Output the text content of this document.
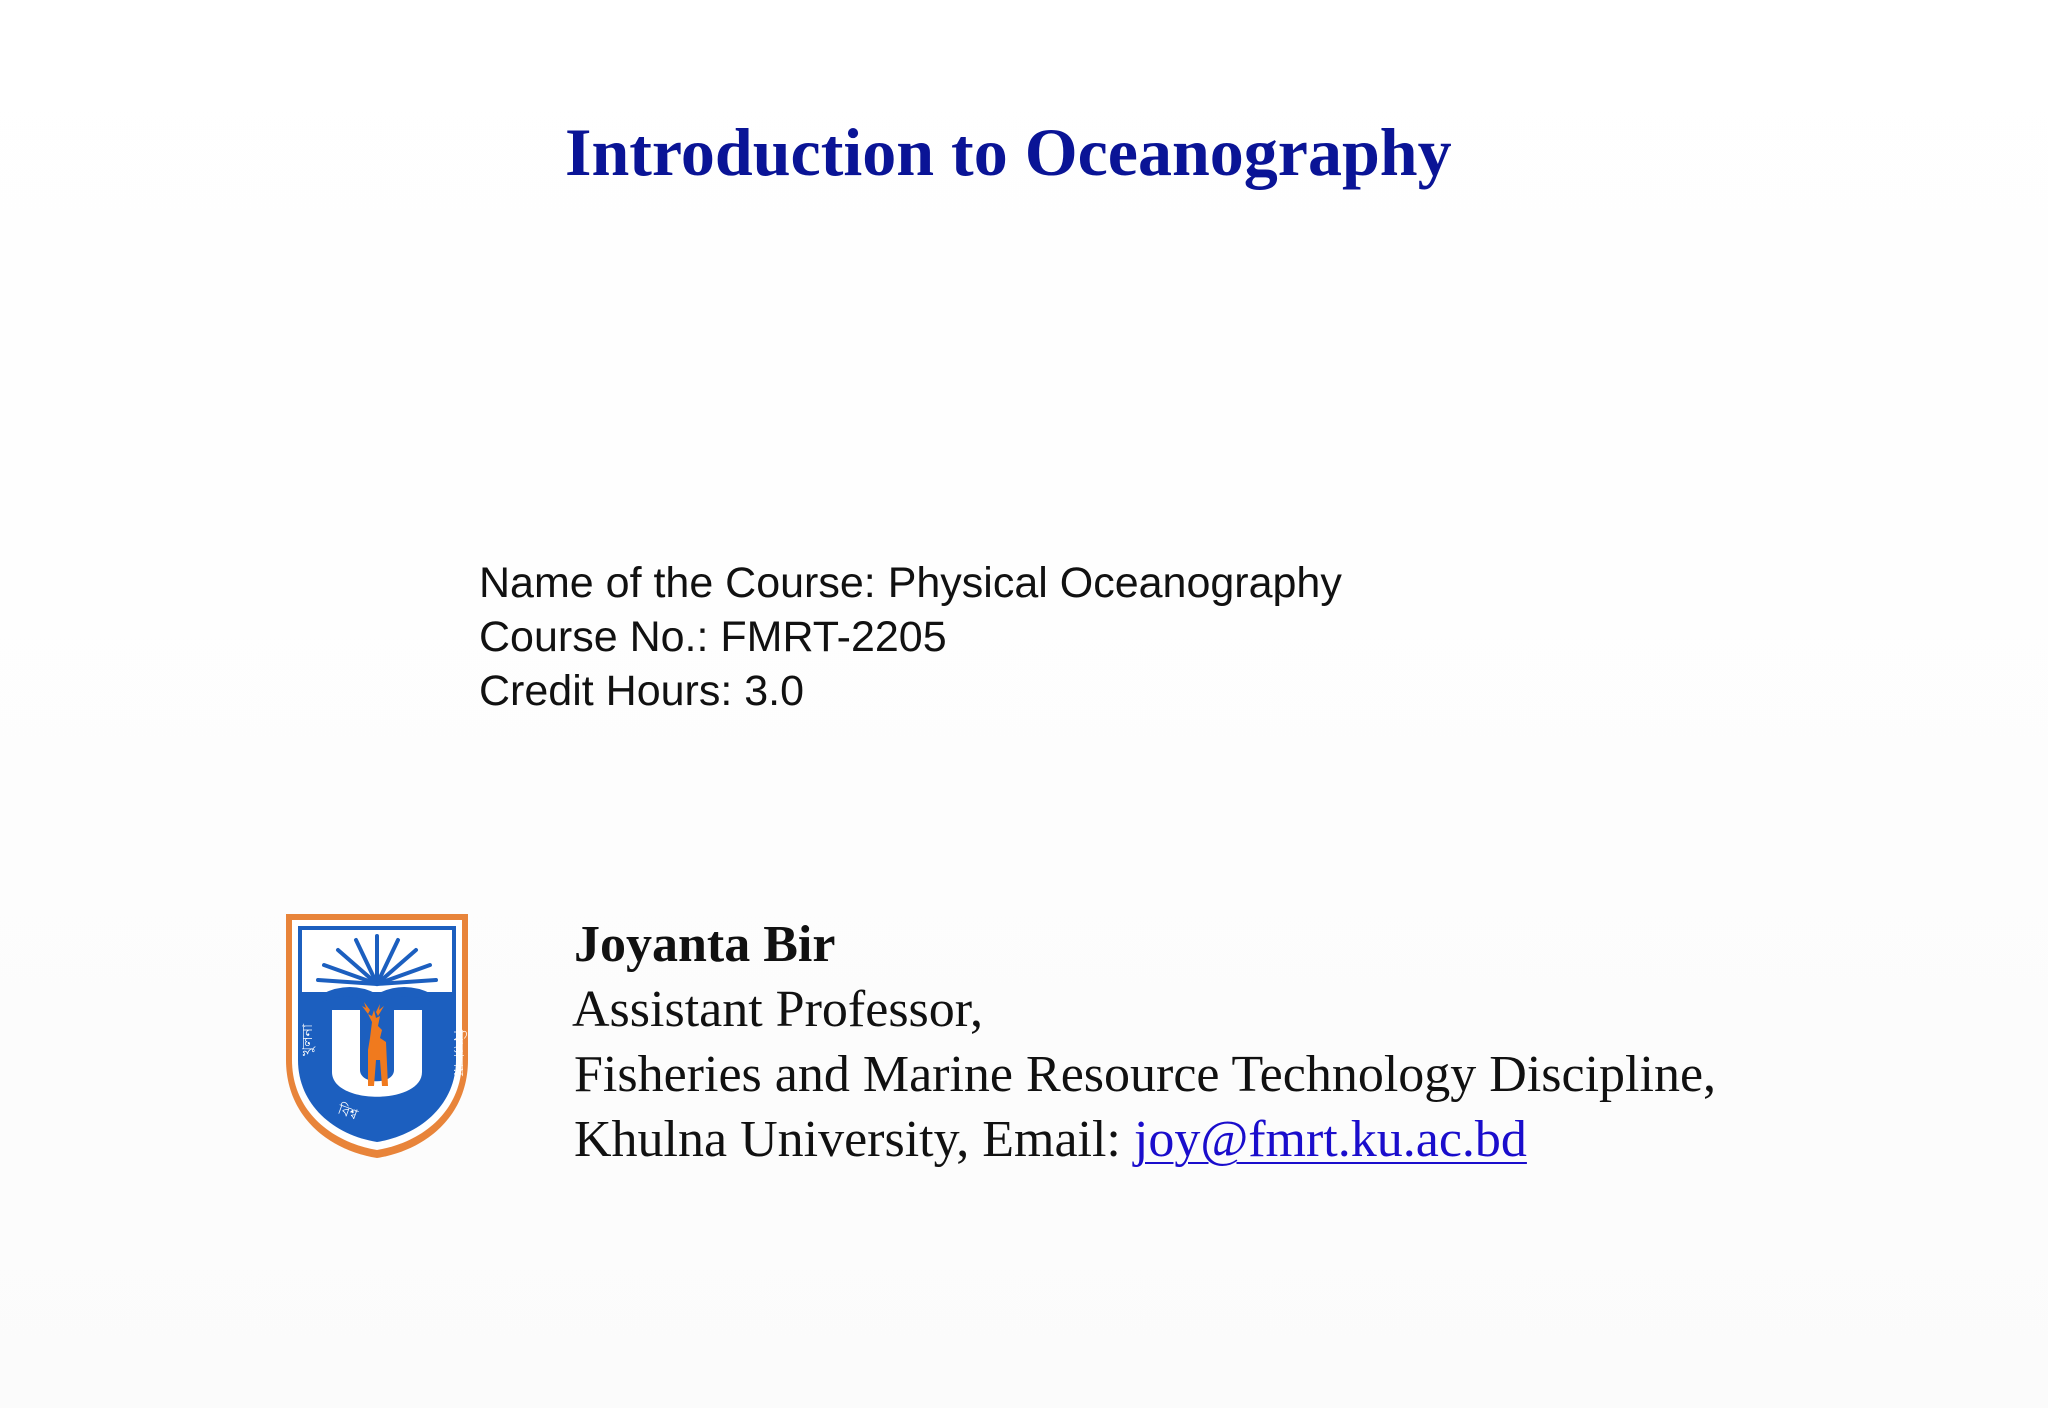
Introduction to Oceanography
Name of the Course: Physical Oceanography
Course No.: FMRT-2205
Credit Hours: 3.0
খুলনা	বিদ্যালয়
বিশ্ব
Joyanta Bir
Assistant Professor,
Fisheries and Marine Resource Technology Discipline,
Khulna University, Email: joy@fmrt.ku.ac.bd
